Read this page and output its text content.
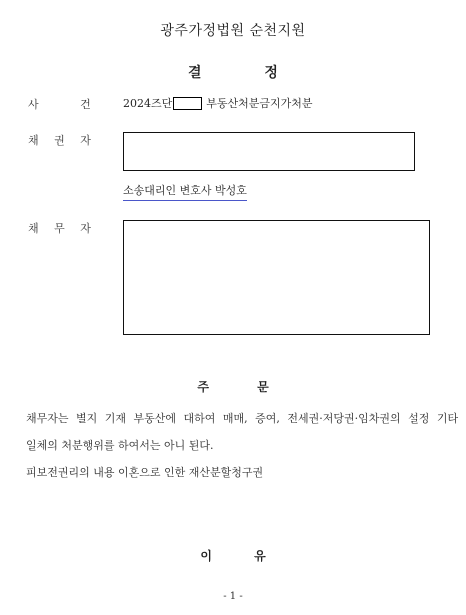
광주가정법원 순천지원
결 정
사 건	2024즈단	부동산처분금지가처분
채 권 자
소송대리인 변호사 박성호
채 무 자
주 문
채무자는 별지 기재 부동산에 대하여 매매, 증여, 전세권·저당권·임차권의 설정 기타
일체의 처분행위를 하여서는 아니 된다.
피보전권리의 내용 이혼으로 인한 재산분할청구권
이 유
- 1 -
